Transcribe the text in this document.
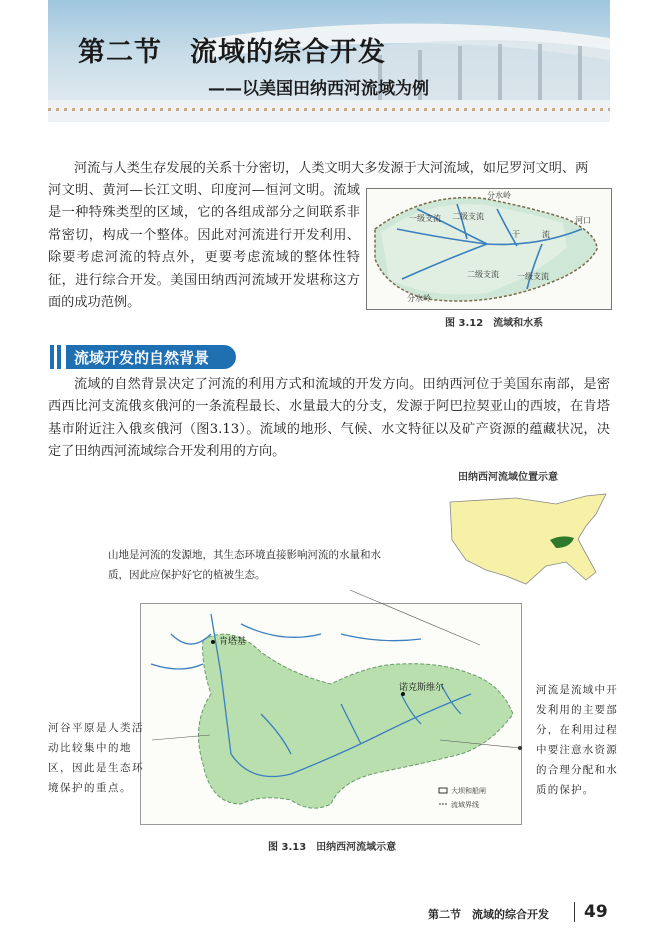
第二节　流域的综合开发
——以美国田纳西河流域为例

河流与人类生存发展的关系十分密切，人类文明大多发源于大河流域，如尼罗河文明、两

河文明、黄河—长江文明、印度河—恒河文明。流域是一种特殊类型的区域，它的各组成部分之间联系非常密切，构成一个整体。因此对河流进行开发利用、除要考虑河流的特点外，更要考虑流域的整体性特征，进行综合开发。美国田纳西河流域开发堪称这方面的成功范例。

分水岭
分水岭
一级支流 二级支流
二级支流 一级支流
干	流
河口
图 3.12　流域和水系
流域开发的自然背景

流域的自然背景决定了河流的利用方式和流域的开发方向。田纳西河位于美国东南部，是密西西比河支流俄亥俄河的一条流程最长、水量最大的分支，发源于阿巴拉契亚山的西坡，在肯塔基市附近注入俄亥俄河（图3.13）。流域的地形、气候、水文特征以及矿产资源的蕴藏状况，决定了田纳西河流域综合开发利用的方向。

田纳西河流域位置示意
山地是河流的发源地，其生态环境直接影响河流的水量和水质，因此应保护好它的植被生态。
肯塔基
诺克斯维尔
大坝和船闸
流域界线
河谷平原是人类活动比较集中的地区，因此是生态环境保护的重点。
河流是流域中开发利用的主要部分，在利用过程中要注意水资源的合理分配和水质的保护。
图 3.13　田纳西河流域示意
第二节　流域的综合开发 49
